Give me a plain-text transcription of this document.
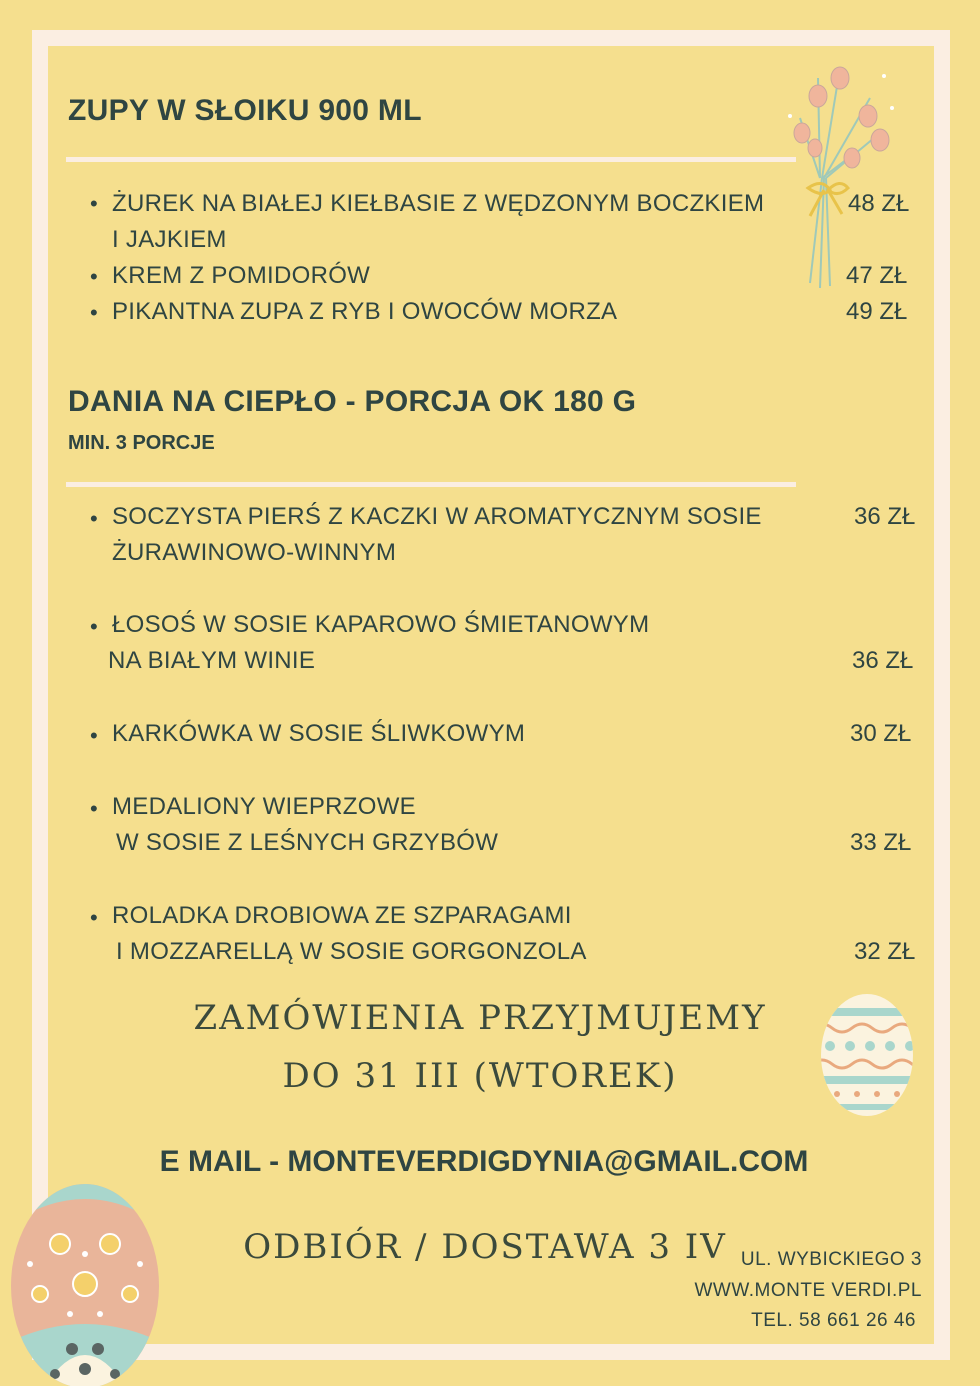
ZUPY W SŁOIKU 900 ML
• ŻUREK NA BIAŁEJ KIEŁBASIE Z WĘDZONYM BOCZKIEM
I JAJKIEM
48 ZŁ
• KREM Z POMIDORÓW	47 ZŁ
• PIKANTNA ZUPA Z RYB I OWOCÓW MORZA	49 ZŁ
DANIA NA CIEPŁO - PORCJA OK 180 G
MIN. 3 PORCJE
• SOCZYSTA PIERŚ Z KACZKI W AROMATYCZNYM SOSIE
ŻURAWINOWO-WINNYM
36 ZŁ
• ŁOSOŚ W SOSIE KAPAROWO ŚMIETANOWYM
NA BIAŁYM WINIE	36 ZŁ
• KARKÓWKA W SOSIE ŚLIWKOWYM	30 ZŁ
• MEDALIONY WIEPRZOWE
W SOSIE Z LEŚNYCH GRZYBÓW	33 ZŁ
• ROLADKA DROBIOWA ZE SZPARAGAMI
I MOZZARELLĄ W SOSIE GORGONZOLA	32 ZŁ
ZAMÓWIENIA PRZYJMUJEMY
DO 31 III (WTOREK)
E MAIL - MONTEVERDIGDYNIA@GMAIL.COM
ODBIÓR / DOSTAWA 3 IV UL. WYBICKIEGO 3
WWW.MONTE VERDI.PL
TEL. 58 661 26 46
